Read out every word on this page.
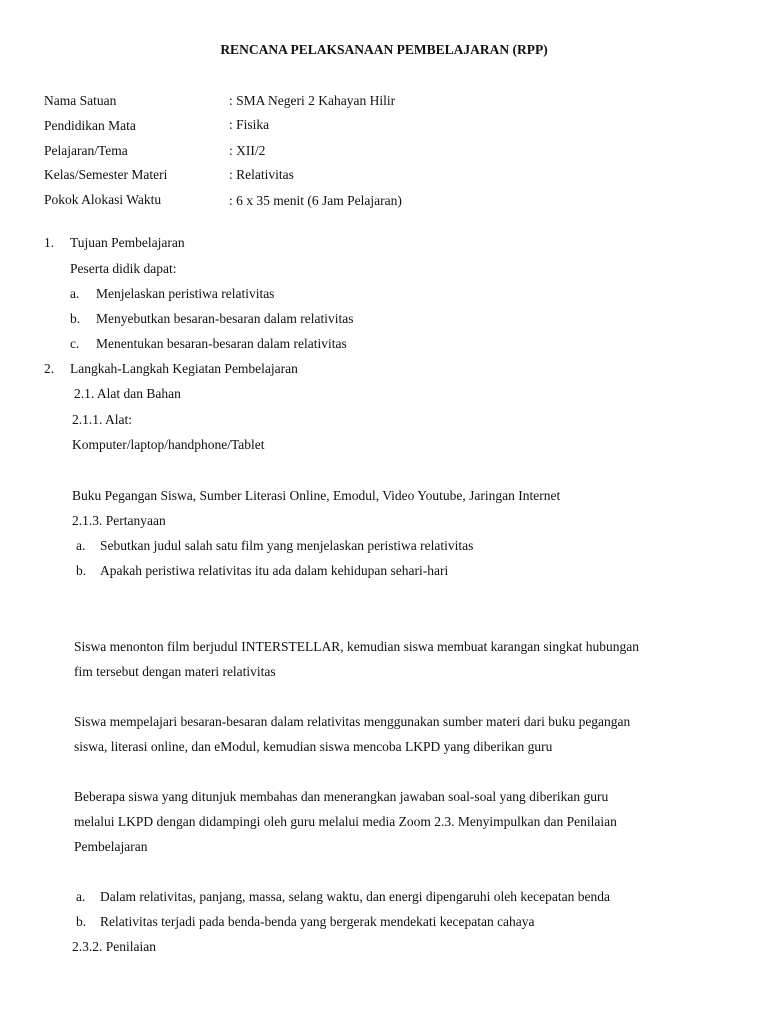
RENCANA PELAKSANAAN PEMBELAJARAN (RPP)
Nama Satuan	: SMA Negeri 2 Kahayan Hilir
Pendidikan Mata	: Fisika
Pelajaran/Tema	: XII/2
Kelas/Semester Materi	: Relativitas
Pokok Alokasi Waktu	: 6 x 35 menit (6 Jam Pelajaran)
1. Tujuan Pembelajaran
Peserta didik dapat:
a. Menjelaskan peristiwa relativitas
b. Menyebutkan besaran-besaran dalam relativitas
c. Menentukan besaran-besaran dalam relativitas
2. Langkah-Langkah Kegiatan Pembelajaran
2.1. Alat dan Bahan
2.1.1. Alat:
Komputer/laptop/handphone/Tablet
Buku Pegangan Siswa, Sumber Literasi Online, Emodul, Video Youtube, Jaringan Internet
2.1.3. Pertanyaan
a. Sebutkan judul salah satu film yang menjelaskan peristiwa relativitas
b. Apakah peristiwa relativitas itu ada dalam kehidupan sehari-hari
Siswa menonton film berjudul INTERSTELLAR, kemudian siswa membuat karangan singkat hubungan
fim tersebut dengan materi relativitas
Siswa mempelajari besaran-besaran dalam relativitas menggunakan sumber materi dari buku pegangan
siswa, literasi online, dan eModul, kemudian siswa mencoba LKPD yang diberikan guru
Beberapa siswa yang ditunjuk membahas dan menerangkan jawaban soal-soal yang diberikan guru
melalui LKPD dengan didampingi oleh guru melalui media Zoom 2.3. Menyimpulkan dan Penilaian
Pembelajaran
a. Dalam relativitas, panjang, massa, selang waktu, dan energi dipengaruhi oleh kecepatan benda
b. Relativitas terjadi pada benda-benda yang bergerak mendekati kecepatan cahaya
2.3.2. Penilaian
